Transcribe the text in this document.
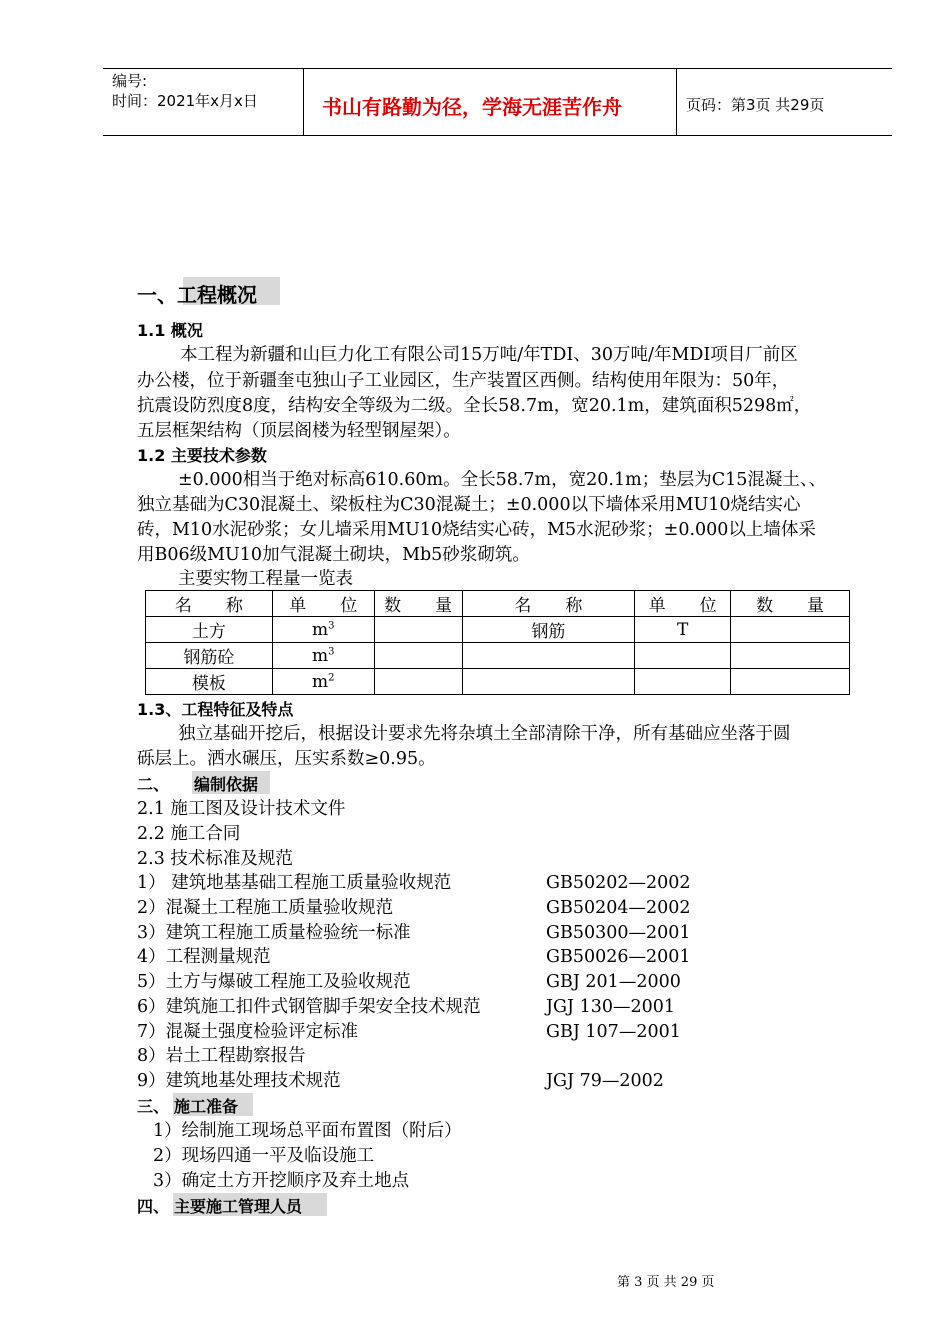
编号:
时间：2021年x月x日	书山有路勤为径，学海无涯苦作舟	页码：第3页 共29页
一、工程概况
1.1 概况
本工程为新疆和山巨力化工有限公司15万吨/年TDI、30万吨/年MDI项目厂前区
办公楼，位于新疆奎屯独山子工业园区，生产装置区西侧。结构使用年限为：50年，
抗震设防烈度8度，结构安全等级为二级。全长58.7m，宽20.1m，建筑面积5298㎡，
五层框架结构（顶层阁楼为轻型钢屋架）。
1.2 主要技术参数
±0.000相当于绝对标高610.60m。全长58.7m，宽20.1m；垫层为C15混凝土、、
独立基础为C30混凝土、梁板柱为C30混凝土；±0.000以下墙体采用MU10烧结实心
砖，M10水泥砂浆；女儿墙采用MU10烧结实心砖，M5水泥砂浆；±0.000以上墙体采
用B06级MU10加气混凝土砌块，Mb5砂浆砌筑。
主要实物工程量一览表
名　　称	单　　位	数　　量	名　　称	单　　位	数　　量
土方	$m^3$		钢筋	T	
钢筋砼	$m^3$				
模板	$m^2$				
1.3、工程特征及特点
独立基础开挖后，根据设计要求先将杂填土全部清除干净，所有基础应坐落于圆
砾层上。洒水碾压，压实系数≥0.95。
二、 编制依据
2.1 施工图及设计技术文件
2.2 施工合同
2.3 技术标准及规范
1） 建筑地基基础工程施工质量验收规范	GB50202—2002
2）混凝土工程施工质量验收规范	GB50204—2002
3）建筑工程施工质量检验统一标准	GB50300—2001
4）工程测量规范	GB50026—2001
5）土方与爆破工程施工及验收规范	GBJ 201—2000
6）建筑施工扣件式钢管脚手架安全技术规范	JGJ 130—2001
7）混凝土强度检验评定标准	GBJ 107—2001
8）岩土工程勘察报告
9）建筑地基处理技术规范	JGJ 79—2002
三、 施工准备
1）绘制施工现场总平面布置图（附后）
2）现场四通一平及临设施工
3）确定土方开挖顺序及弃土地点
四、 主要施工管理人员
第 3 页 共 29 页
